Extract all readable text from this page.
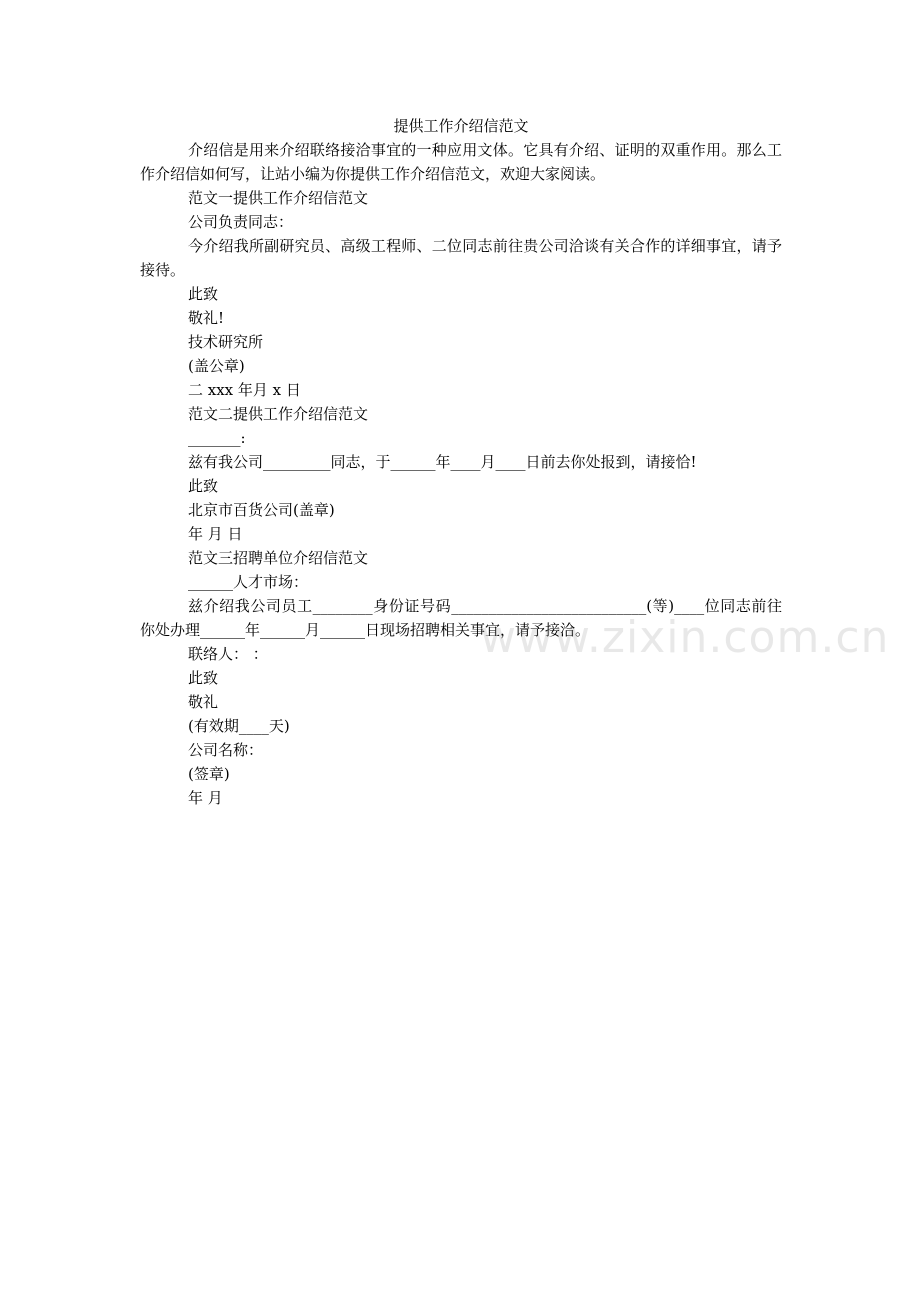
提供工作介绍信范文

介绍信是用来介绍联络接洽事宜的一种应用文体。它具有介绍、证明的双重作用。那么工作介绍信如何写，让站小编为你提供工作介绍信范文，欢迎大家阅读。

范文一提供工作介绍信范文

公司负责同志：

今介绍我所副研究员、高级工程师、二位同志前往贵公司洽谈有关合作的详细事宜，请予接待。

此致

敬礼!

技术研究所

(盖公章)

二 xxx 年月 x 日

范文二提供工作介绍信范文

_______:

兹有我公司_________同志，于______年____月____日前去你处报到，请接恰!

此致

北京市百货公司(盖章)

年 月 日

范文三招聘单位介绍信范文

______人才市场：

兹介绍我公司员工________身份证号码__________________________(等)____位同志前往你处办理______年______月______日现场招聘相关事宜，请予接洽。

联络人： ：

此致

敬礼

(有效期____天)

公司名称：

(签章)

年 月

www.zixin.com.cn
